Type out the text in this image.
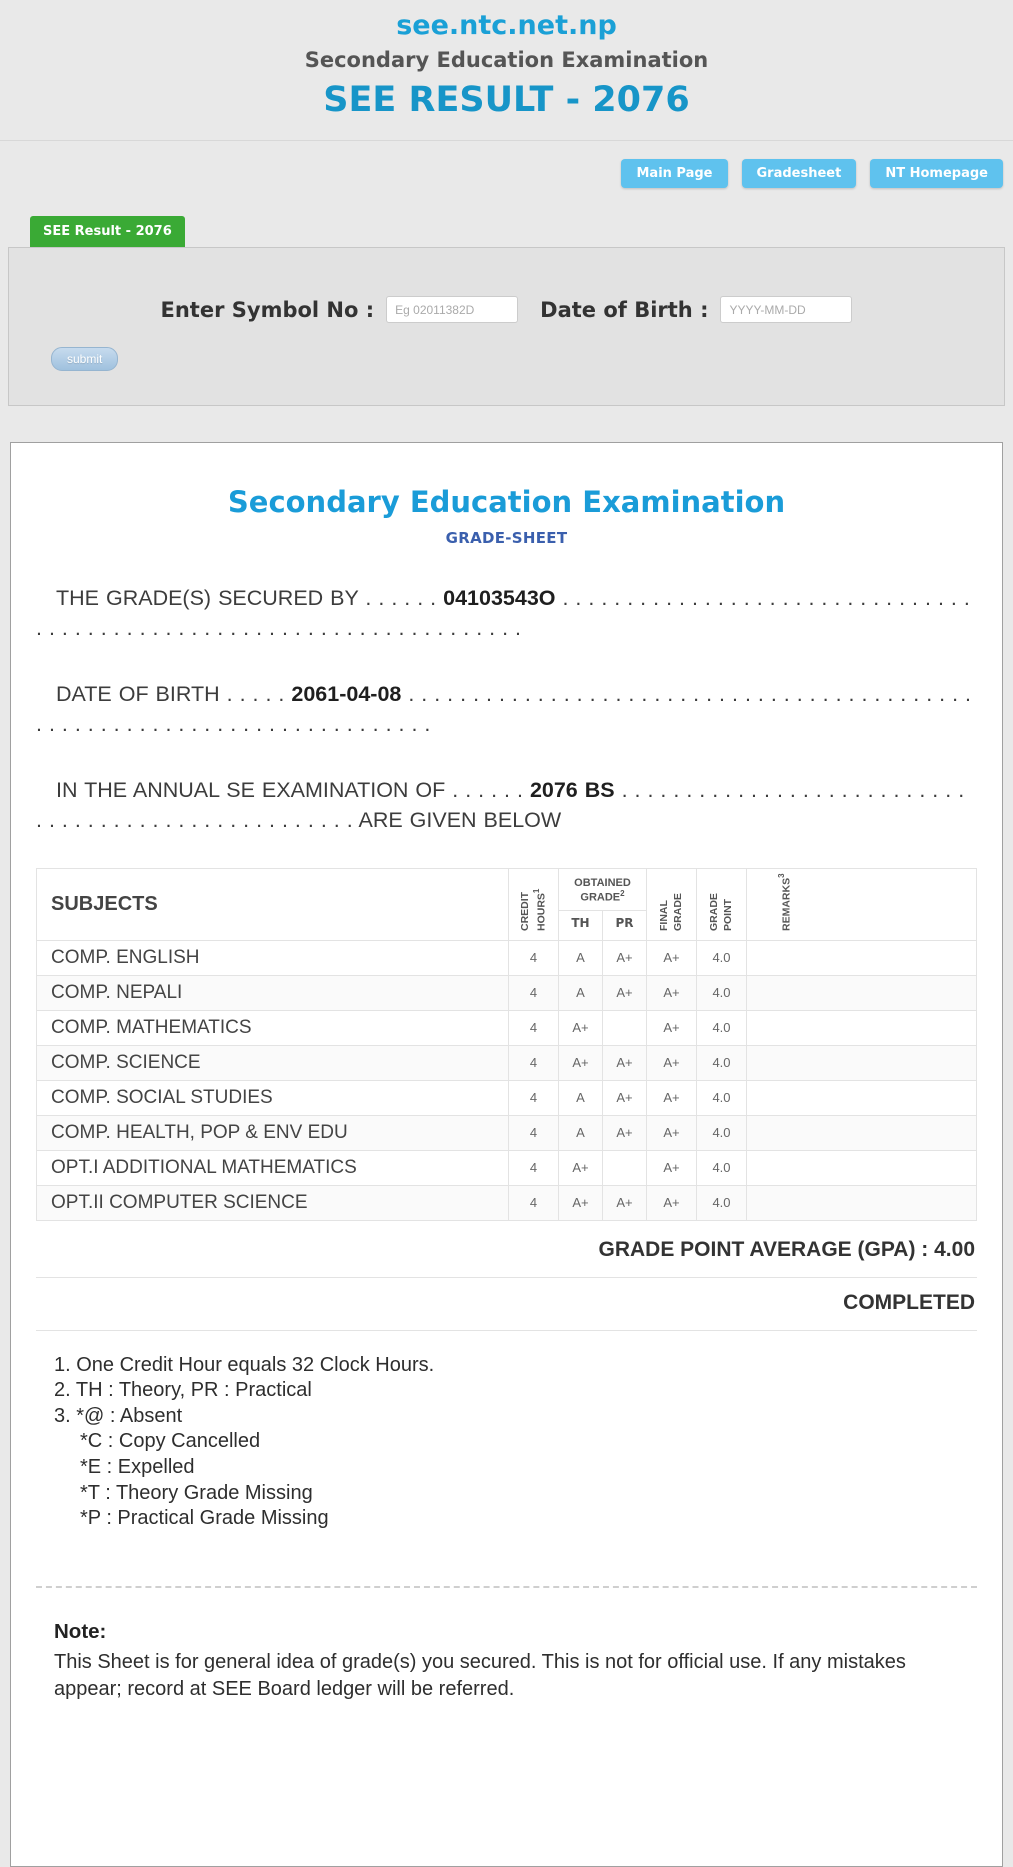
see.ntc.net.np
Secondary Education Examination
SEE RESULT - 2076
Main Page	Gradesheet	NT Homepage
SEE Result - 2076
Enter Symbol No :
Eg 02011382D	Date of Birth :
YYYY-MM-DD
submit
Secondary Education Examination
GRADE-SHEET
THE GRADE(S) SECURED BY . . . . . . 04103543O . . . . . . . . . . . . . . . . . . . . . . . . . . . . . . . . . . . . . . . . . . . . . . . . . . . . . . . . . . . . . . . . . . . . . .
DATE OF BIRTH . . . . . 2061-04-08 . . . . . . . . . . . . . . . . . . . . . . . . . . . . . . . . . . . . . . . . . . . . . . . . . . . . . . . . . . . . . . . . . . . . . . . . . . .
IN THE ANNUAL SE EXAMINATION OF . . . . . . 2076 BS . . . . . . . . . . . . . . . . . . . . . . . . . . . . . . . . . . . . . . . . . . . . . . . . . . . . ARE GIVEN BELOW
SUBJECTS	CREDIT HOURS$^1$	OBTAINED GRADE$^2$		FINAL GRADE	GRADE POINT	REMARKS$^3$
		TH	PR			
COMP. ENGLISH	4	A	A+	A+	4.0	
COMP. NEPALI	4	A	A+	A+	4.0	
COMP. MATHEMATICS	4	A+		A+	4.0	
COMP. SCIENCE	4	A+	A+	A+	4.0	
COMP. SOCIAL STUDIES	4	A	A+	A+	4.0	
COMP. HEALTH, POP & ENV EDU	4	A	A+	A+	4.0	
OPT.I ADDITIONAL MATHEMATICS	4	A+		A+	4.0	
OPT.II COMPUTER SCIENCE	4	A+	A+	A+	4.0	
GRADE POINT AVERAGE (GPA) : 4.00
COMPLETED
1. One Credit Hour equals 32 Clock Hours.
2. TH : Theory, PR : Practical
3. *@ : Absent
*C : Copy Cancelled
*E : Expelled
*T : Theory Grade Missing
*P : Practical Grade Missing
Note:
This Sheet is for general idea of grade(s) you secured. This is not for official use. If any mistakes appear; record at SEE Board ledger will be referred.
